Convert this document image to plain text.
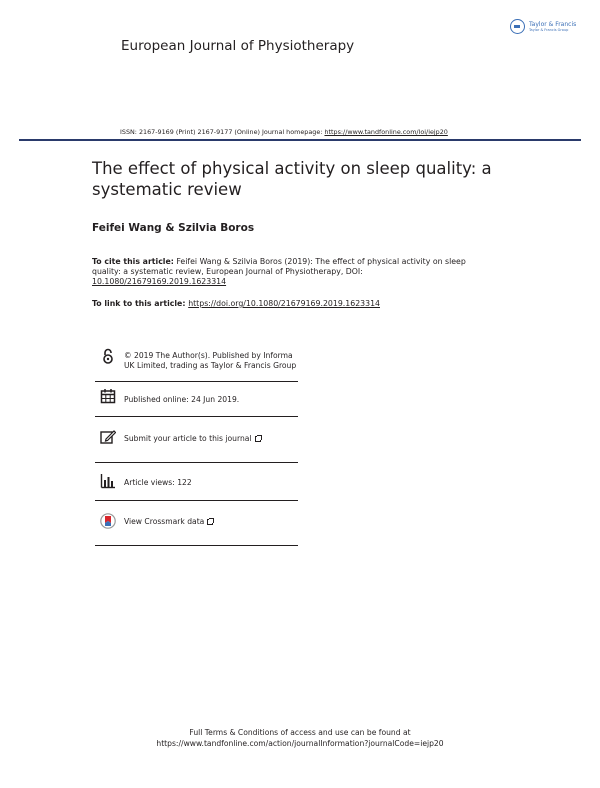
European Journal of Physiotherapy
Taylor & Francis
Taylor & Francis Group
ISSN: 2167-9169 (Print) 2167-9177 (Online) Journal homepage: https://www.tandfonline.com/loi/iejp20
The effect of physical activity on sleep quality: a systematic review
Feifei Wang & Szilvia Boros
To cite this article: Feifei Wang & Szilvia Boros (2019): The effect of physical activity on sleep quality: a systematic review, European Journal of Physiotherapy, DOI: 10.1080/21679169.2019.1623314
To link to this article: https://doi.org/10.1080/21679169.2019.1623314
© 2019 The Author(s). Published by Informa UK Limited, trading as Taylor & Francis Group
Published online: 24 Jun 2019.
Submit your article to this journal
Article views: 122
View Crossmark data
Full Terms & Conditions of access and use can be found at
https://www.tandfonline.com/action/journalInformation?journalCode=iejp20
